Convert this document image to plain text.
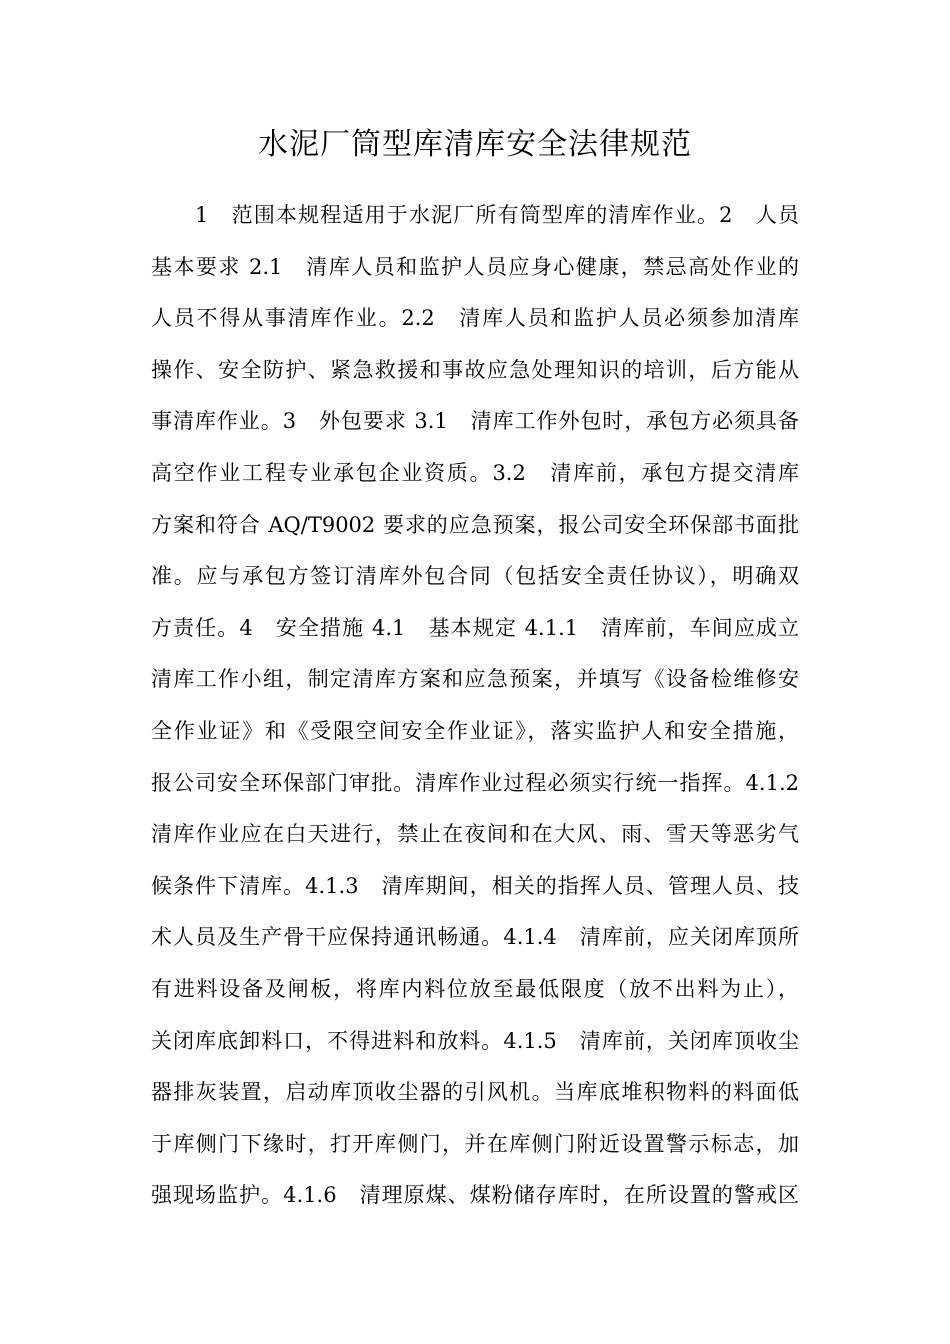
水泥厂筒型库清库安全法律规范
1　范围本规程适用于水泥厂所有筒型库的清库作业。2　人员
基本要求 2.1　清库人员和监护人员应身心健康，禁忌高处作业的
人员不得从事清库作业。2.2　清库人员和监护人员必须参加清库
操作、安全防护、紧急救援和事故应急处理知识的培训，后方能从
事清库作业。3　外包要求 3.1　清库工作外包时，承包方必须具备
高空作业工程专业承包企业资质。3.2　清库前，承包方提交清库
方案和符合 AQ/T9002 要求的应急预案，报公司安全环保部书面批
准。应与承包方签订清库外包合同（包括安全责任协议），明确双
方责任。4　安全措施 4.1　基本规定 4.1.1　清库前，车间应成立
清库工作小组，制定清库方案和应急预案，并填写《设备检维修安
全作业证》和《受限空间安全作业证》，落实监护人和安全措施，
报公司安全环保部门审批。清库作业过程必须实行统一指挥。4.1.2
清库作业应在白天进行，禁止在夜间和在大风、雨、雪天等恶劣气
候条件下清库。4.1.3　清库期间，相关的指挥人员、管理人员、技
术人员及生产骨干应保持通讯畅通。4.1.4　清库前，应关闭库顶所
有进料设备及闸板，将库内料位放至最低限度（放不出料为止），
关闭库底卸料口，不得进料和放料。4.1.5　清库前，关闭库顶收尘
器排灰装置，启动库顶收尘器的引风机。当库底堆积物料的料面低
于库侧门下缘时，打开库侧门，并在库侧门附近设置警示标志，加
强现场监护。4.1.6　清理原煤、煤粉储存库时，在所设置的警戒区
